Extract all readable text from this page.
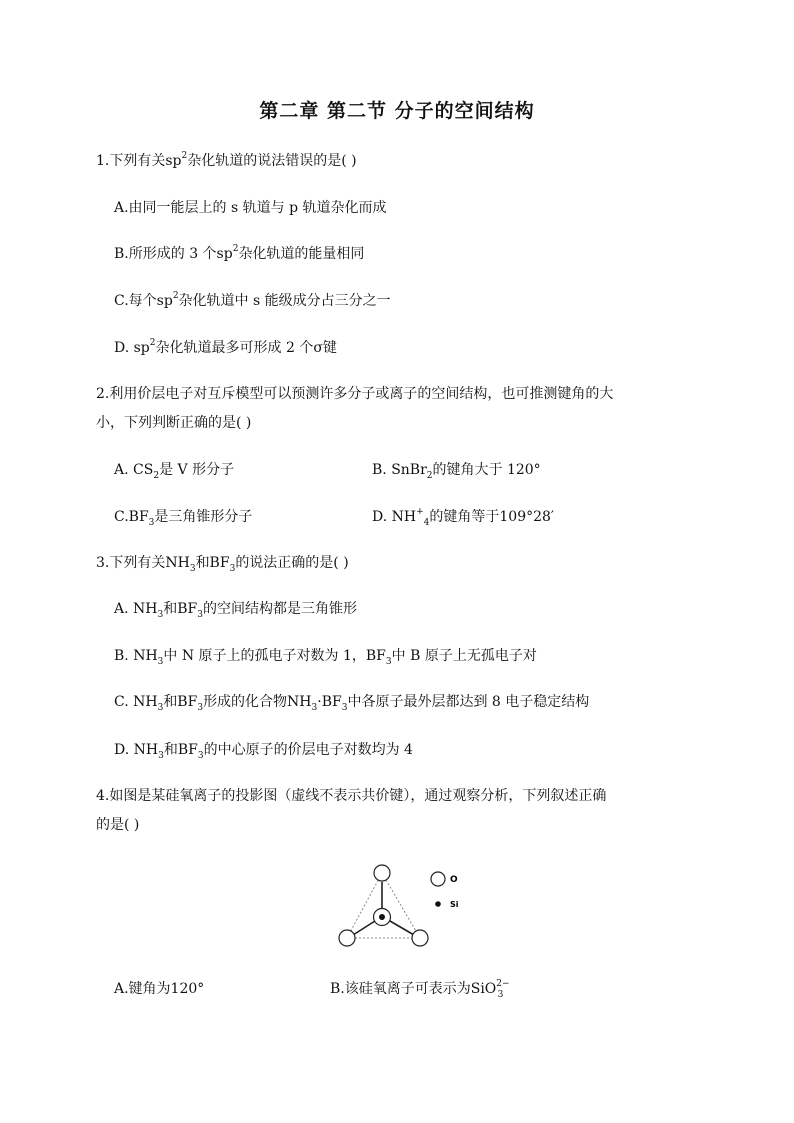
第二章 第二节 分子的空间结构
1.下列有关$sp^2$杂化轨道的说法错误的是( )
A.由同一能层上的 s 轨道与 p 轨道杂化而成
B.所形成的 3 个$sp^2$杂化轨道的能量相同
C.每个$sp^2$杂化轨道中 s 能级成分占三分之一
D. $sp^2$杂化轨道最多可形成 2 个σ键
2.利用价层电子对互斥模型可以预测许多分子或离子的空间结构，也可推测键角的大
小，下列判断正确的是( )
A. $CS_2$是 V 形分子	B. SnBr$_2$的键角大于 120°
$C.BF_3$是三角锥形分子	D. $NH^+_4$的键角等于109°28′
3.下列有关$NH_3$和$BF_3$的说法正确的是( )
A. $NH_3$和$BF_3$的空间结构都是三角锥形
B. $NH_3$中 N 原子上的孤电子对数为 1，$BF_3$中 B 原子上无孤电子对
C. $NH_3$和$BF_3$形成的化合物$NH_3\cdot BF_3$中各原子最外层都达到 8 电子稳定结构
D. $NH_3$和$BF_3$的中心原子的价层电子对数均为 4
4.如图是某硅氧离子的投影图（虚线不表示共价键），通过观察分析，下列叙述正确
的是( )
O
Si
A.键角为120°	B.该硅氧离子可表示为SiO$^{2-}_3$
